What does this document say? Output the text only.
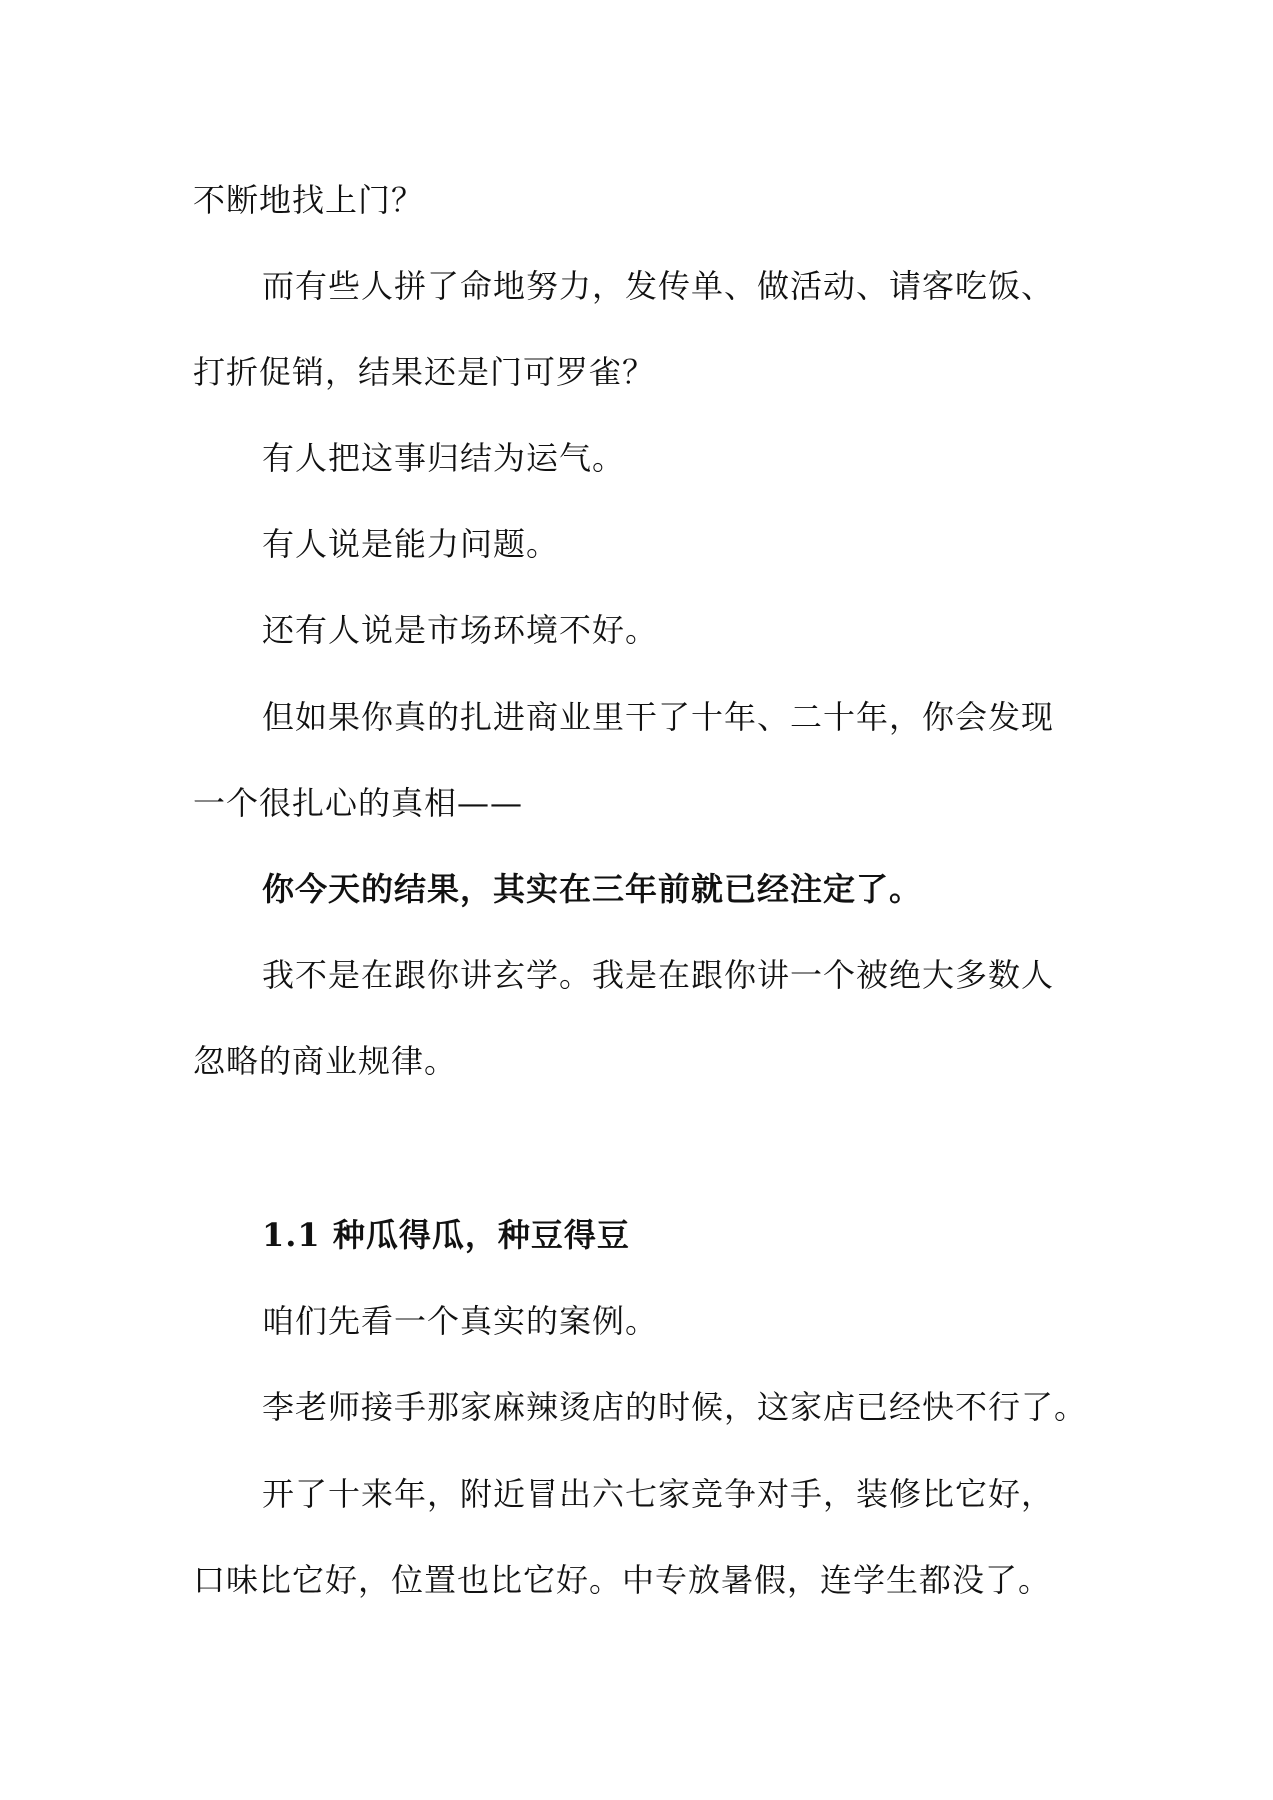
不断地找上门？
而有些人拼了命地努力，发传单、做活动、请客吃饭、
打折促销，结果还是门可罗雀？
有人把这事归结为运气。
有人说是能力问题。
还有人说是市场环境不好。
但如果你真的扎进商业里干了十年、二十年，你会发现
一个很扎心的真相——
你今天的结果，其实在三年前就已经注定了。
我不是在跟你讲玄学。我是在跟你讲一个被绝大多数人
忽略的商业规律。
1.1 种瓜得瓜，种豆得豆
咱们先看一个真实的案例。
李老师接手那家麻辣烫店的时候，这家店已经快不行了。
开了十来年，附近冒出六七家竞争对手，装修比它好，
口味比它好，位置也比它好。中专放暑假，连学生都没了。
